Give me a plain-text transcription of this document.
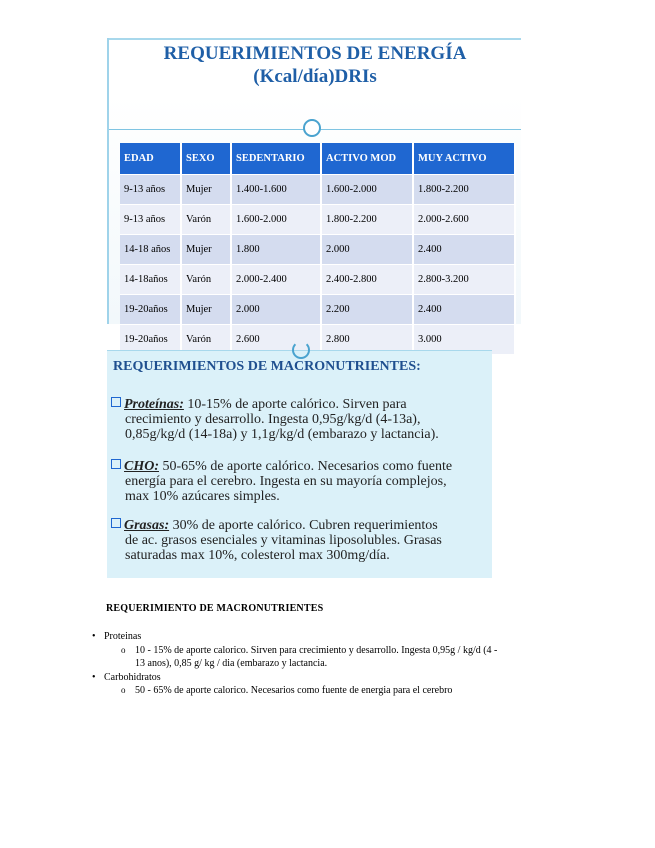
REQUERIMIENTOS DE ENERGÍA
(Kcal/día)DRIs
EDAD	SEXO	SEDENTARIO	ACTIVO MOD	MUY ACTIVO
9-13 años	Mujer	1.400-1.600	1.600-2.000	1.800-2.200
9-13 años	Varón	1.600-2.000	1.800-2.200	2.000-2.600
14-18 años	Mujer	1.800	2.000	2.400
14-18años	Varón	2.000-2.400	2.400-2.800	2.800-3.200
19-20años	Mujer	2.000	2.200	2.400
19-20años	Varón	2.600	2.800	3.000
REQUERIMIENTOS DE MACRONUTRIENTES:
Proteínas: 10-15% de aporte calórico. Sirven para
crecimiento y desarrollo. Ingesta 0,95g/kg/d (4-13a),
0,85g/kg/d (14-18a) y 1,1g/kg/d (embarazo y lactancia).
CHO: 50-65% de aporte calórico. Necesarios como fuente
energía para el cerebro. Ingesta en su mayoría complejos,
max 10% azúcares simples.
Grasas: 30% de aporte calórico. Cubren requerimientos
de ac. grasos esenciales y vitaminas liposolubles. Grasas
saturadas max 10%, colesterol max 300mg/día.
REQUERIMIENTO DE MACRONUTRIENTES
• Proteinas
o 10 - 15% de aporte calorico. Sirven para crecimiento y desarrollo. Ingesta 0,95g / kg/d (4 -
13 anos), 0,85 g/ kg / dia (embarazo y lactancia.
• Carbohidratos
o 50 - 65% de aporte calorico. Necesarios como fuente de energia para el cerebro
